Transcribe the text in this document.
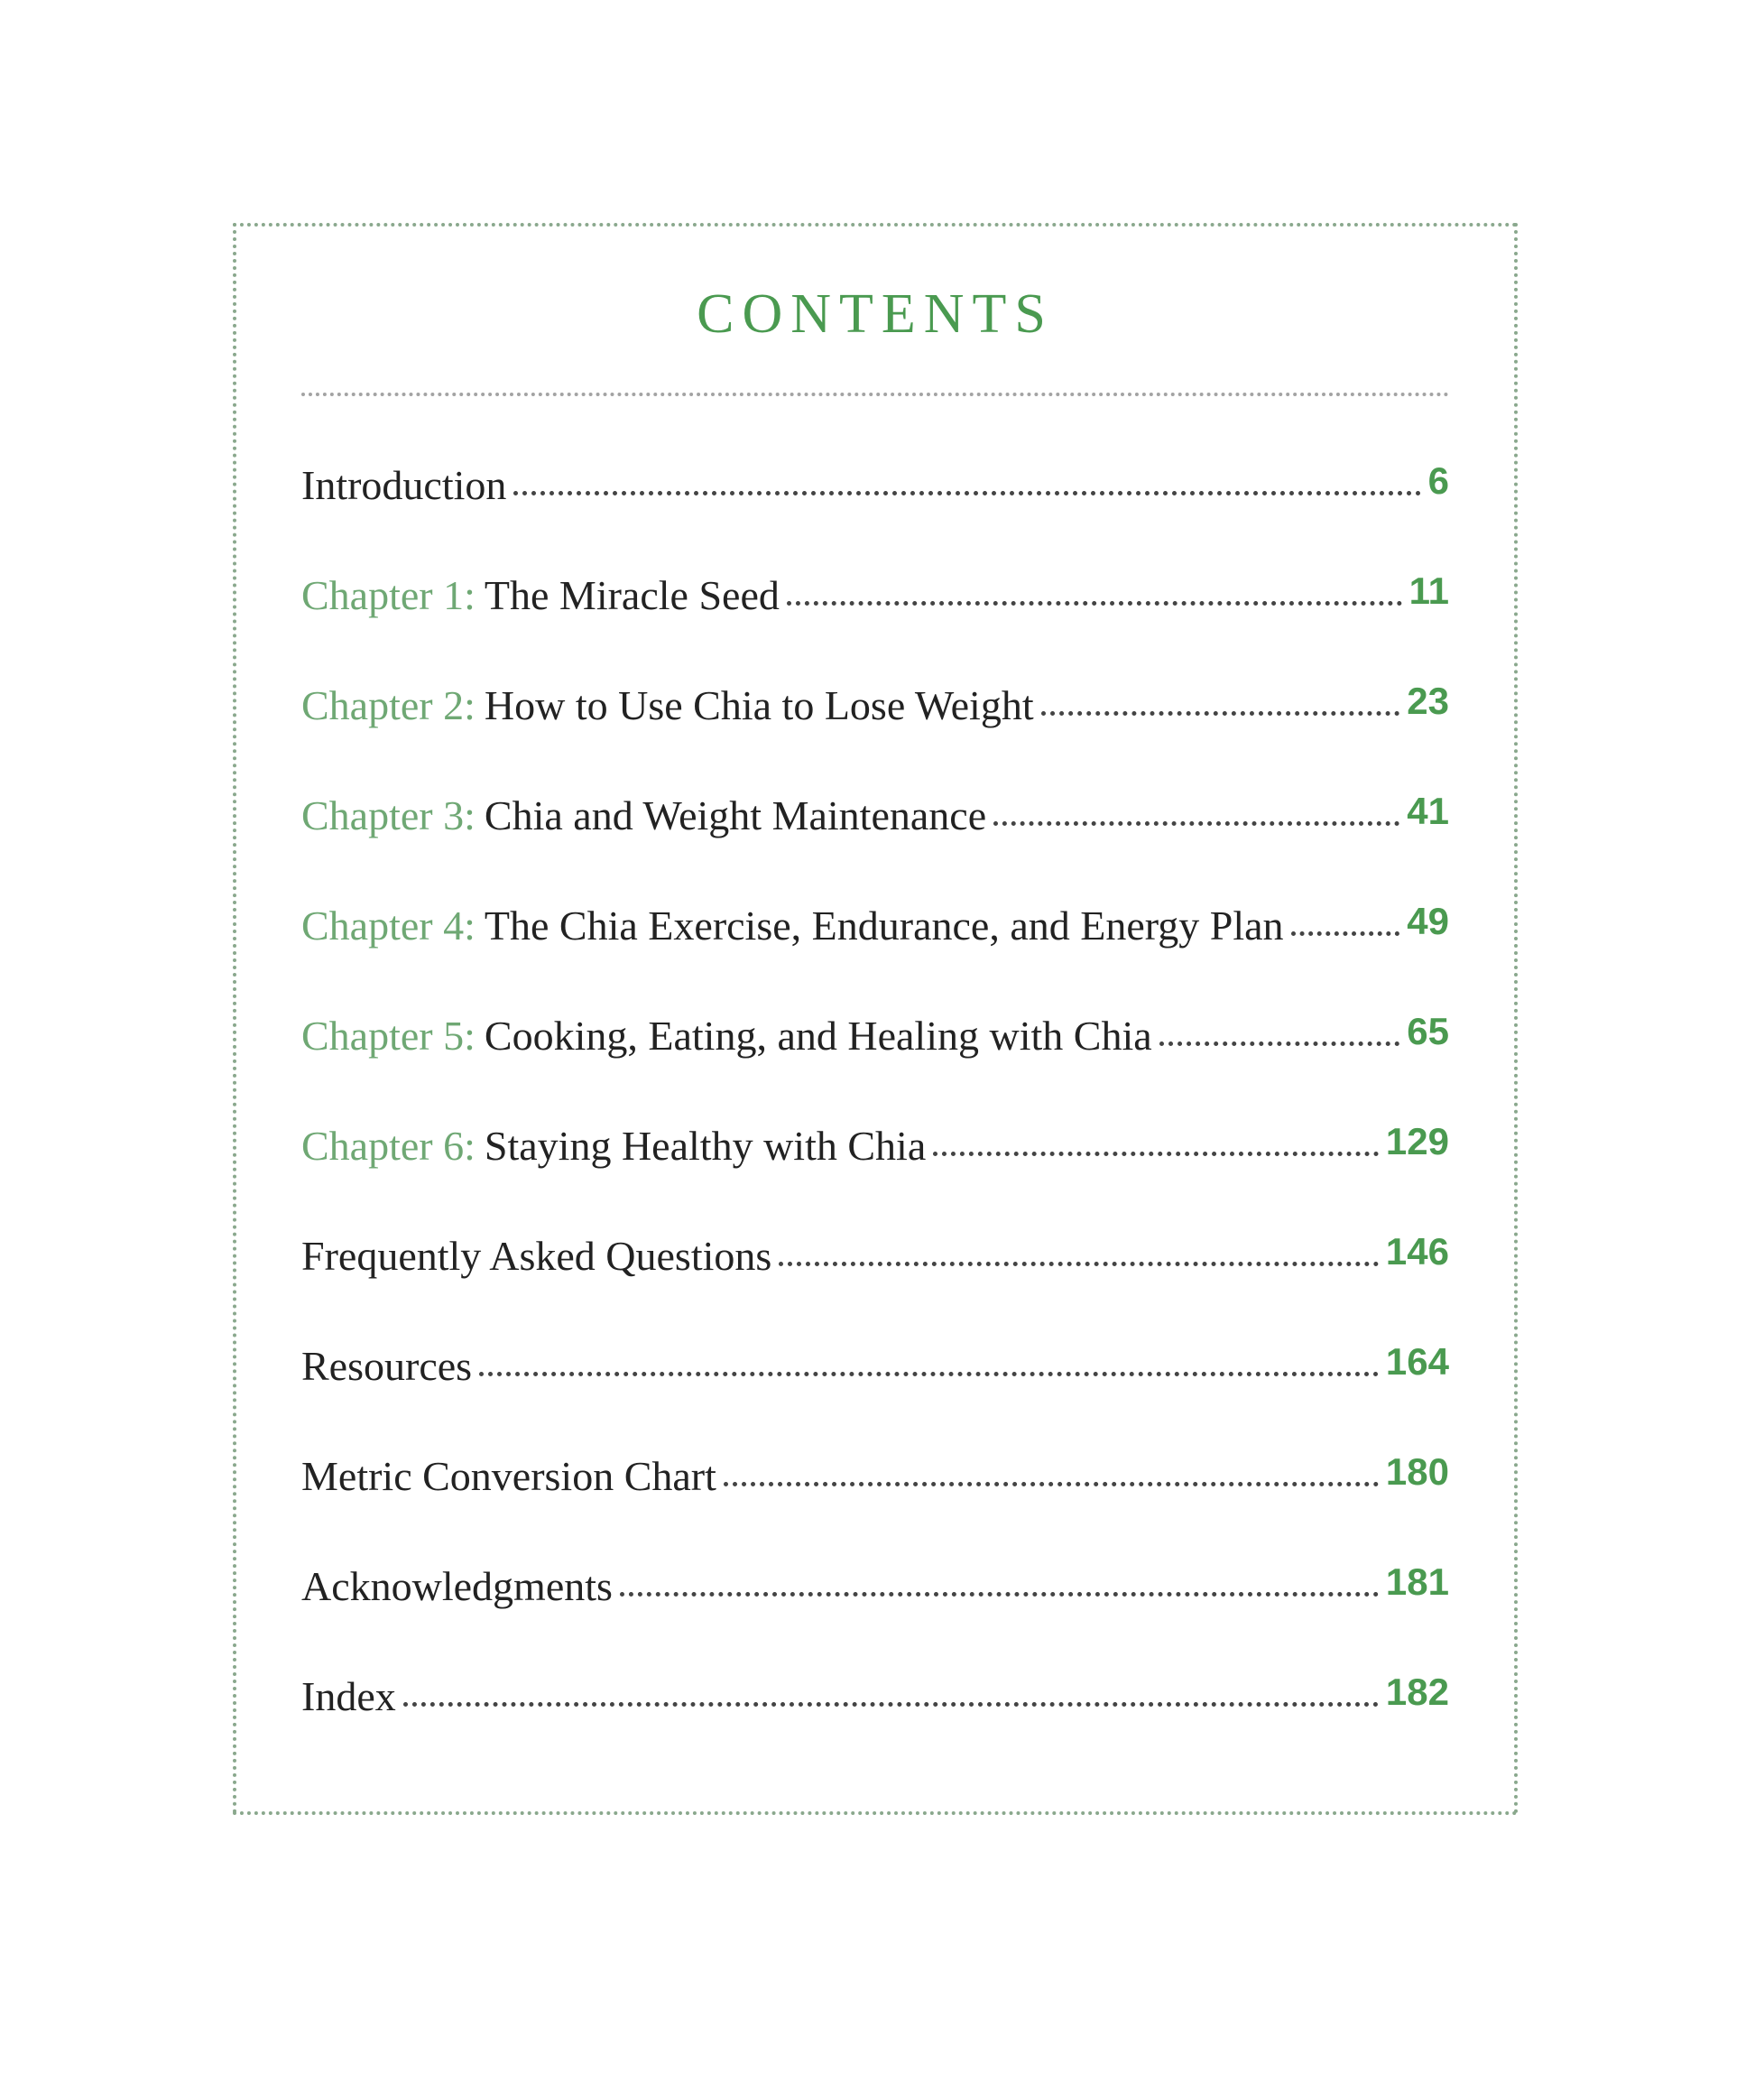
CONTENTS
Introduction	6
Chapter 1: The Miracle Seed	11
Chapter 2: How to Use Chia to Lose Weight	23
Chapter 3: Chia and Weight Maintenance	41
Chapter 4: The Chia Exercise, Endurance, and Energy Plan	49
Chapter 5: Cooking, Eating, and Healing with Chia	65
Chapter 6: Staying Healthy with Chia	129
Frequently Asked Questions	146
Resources	164
Metric Conversion Chart	180
Acknowledgments	181
Index	182
